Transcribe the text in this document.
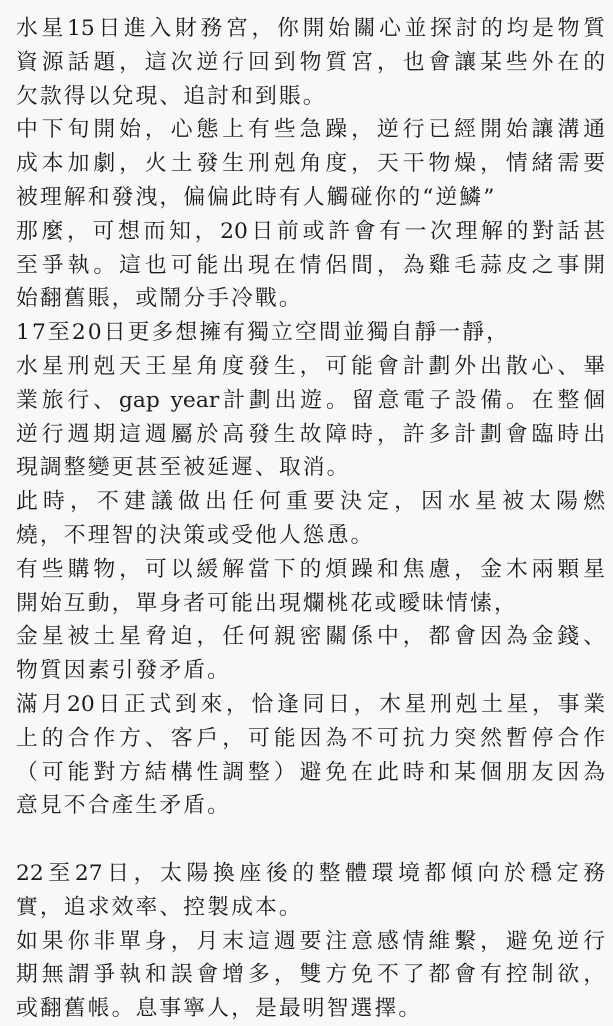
水星15日進入財務宮，你開始關心並探討的均是物質
資源話題，這次逆行回到物質宮，也會讓某些外在的
欠款得以兌現、追討和到賬。
中下旬開始，心態上有些急躁，逆行已經開始讓溝通
成本加劇，火土發生刑剋角度，天干物燥，情緒需要
被理解和發洩，偏偏此時有人觸碰你的“逆鱗”
那麼，可想而知，20日前或許會有一次理解的對話甚
至爭執。這也可能出現在情侶間，為雞毛蒜皮之事開
始翻舊賬，或鬧分手冷戰。
17至20日更多想擁有獨立空間並獨自靜一靜，
水星刑剋天王星角度發生，可能會計劃外出散心、畢
業旅行、gap year計劃出遊。留意電子設備。在整個
逆行週期這週屬於高發生故障時，許多計劃會臨時出
現調整變更甚至被延遲、取消。
此時，不建議做出任何重要決定，因水星被太陽燃
燒，不理智的決策或受他人慫恿。
有些購物，可以緩解當下的煩躁和焦慮，金木兩顆星
開始互動，單身者可能出現爛桃花或曖昧情愫，
金星被土星脅迫，任何親密關係中，都會因為金錢、
物質因素引發矛盾。
滿月20日正式到來，恰逢同日，木星刑剋土星，事業
上的合作方、客戶，可能因為不可抗力突然暫停合作
（可能對方結構性調整）避免在此時和某個朋友因為
意見不合產生矛盾。
22至27日，太陽換座後的整體環境都傾向於穩定務
實，追求效率、控製成本。
如果你非單身，月末這週要注意感情維繫，避免逆行
期無謂爭執和誤會增多，雙方免不了都會有控制欲，
或翻舊帳。息事寧人，是最明智選擇。
